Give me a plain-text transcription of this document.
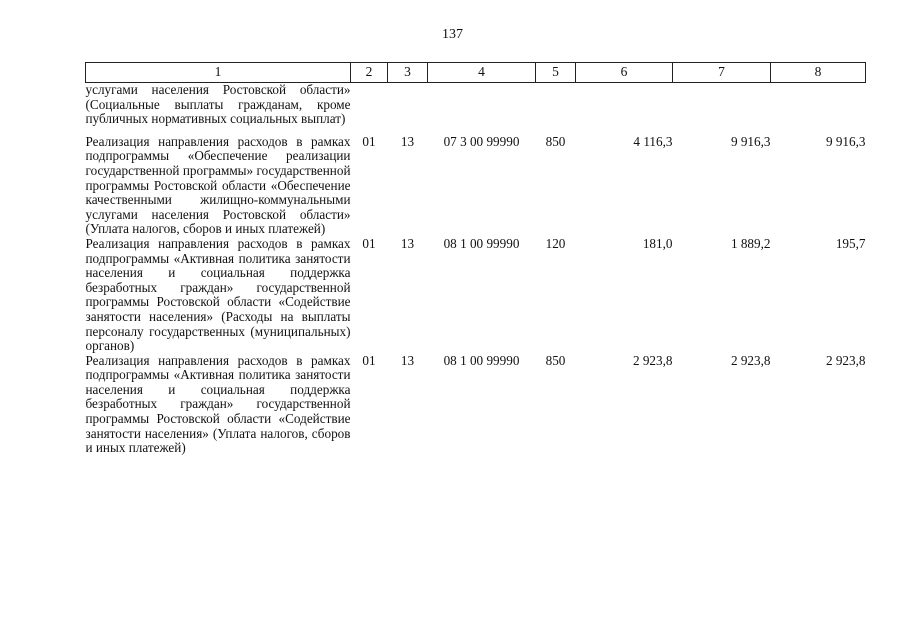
137
1	2	3	4	5	6	7	8
услугами населения Ростовской области» (Социальные выплаты гражданам, кроме публичных нормативных социальных выплат)							
Реализация направления расходов в рамках подпрограммы «Обеспечение реализации государственной программы» государственной программы Ростовской области «Обеспечение качественными жилищно-коммунальными услугами населения Ростовской области» (Уплата налогов, сборов и иных платежей)	01	13	07 3 00 99990	850	4 116,3	9 916,3	9 916,3
Реализация направления расходов в рамках подпрограммы «Активная политика занятости населения и социальная поддержка безработных граждан» государственной программы Ростовской области «Содействие занятости населения» (Расходы на выплаты персоналу государственных (муниципальных) органов)	01	13	08 1 00 99990	120	181,0	1 889,2	195,7
Реализация направления расходов в рамках подпрограммы «Активная политика занятости населения и социальная поддержка безработных граждан» государственной программы Ростовской области «Содействие занятости населения» (Уплата налогов, сборов и иных платежей)	01	13	08 1 00 99990	850	2 923,8	2 923,8	2 923,8
